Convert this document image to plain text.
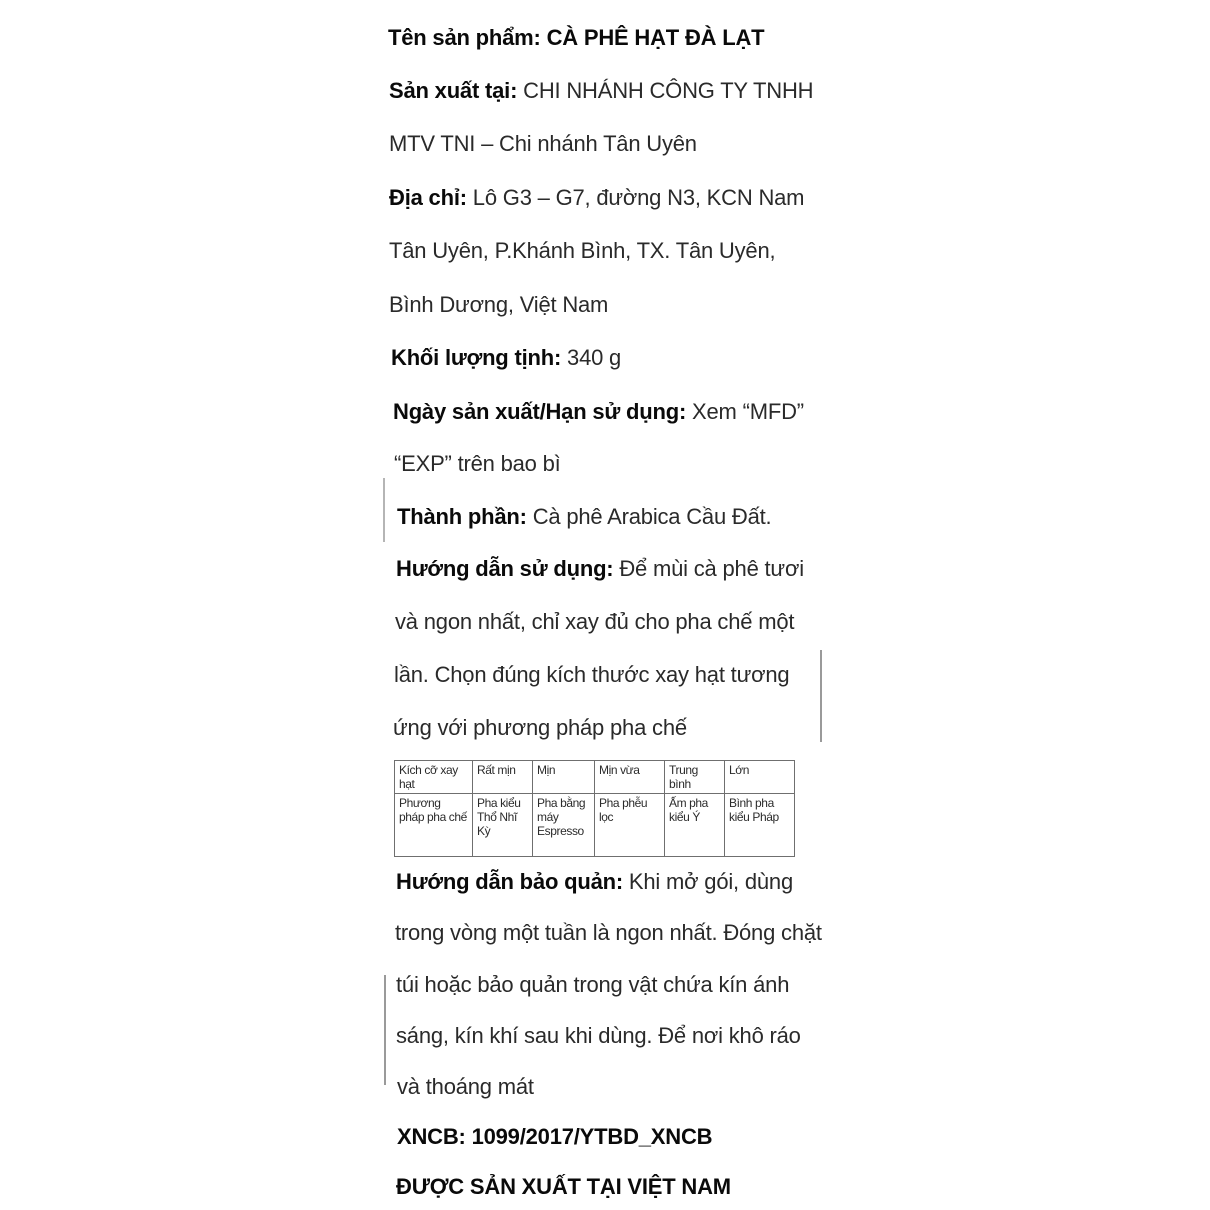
Tên sản phẩm: CÀ PHÊ HẠT ĐÀ LẠT
Sản xuất tại: CHI NHÁNH CÔNG TY TNHH
MTV TNI – Chi nhánh Tân Uyên
Địa chỉ: Lô G3 – G7, đường N3, KCN Nam
Tân Uyên, P.Khánh Bình, TX. Tân Uyên,
Bình Dương, Việt Nam
Khối lượng tịnh: 340 g
Ngày sản xuất/Hạn sử dụng: Xem “MFD”
“EXP” trên bao bì
Thành phần: Cà phê Arabica Cầu Đất.
Hướng dẫn sử dụng: Để mùi cà phê tươi
và ngon nhất, chỉ xay đủ cho pha chế một
lần. Chọn đúng kích thước xay hạt tương
ứng với phương pháp pha chế
Kích cỡ xay hạt	Rất mịn	Mịn	Mịn vừa	Trung bình	Lớn
Phương pháp pha chế	Pha kiểu Thổ Nhĩ Kỳ	Pha bằng máy Espresso	Pha phễu lọc	Ấm pha kiểu Ý	Bình pha kiểu Pháp
Hướng dẫn bảo quản: Khi mở gói, dùng
trong vòng một tuần là ngon nhất. Đóng chặt
túi hoặc bảo quản trong vật chứa kín ánh
sáng, kín khí sau khi dùng. Để nơi khô ráo
và thoáng mát
XNCB: 1099/2017/YTBD_XNCB
ĐƯỢC SẢN XUẤT TẠI VIỆT NAM
